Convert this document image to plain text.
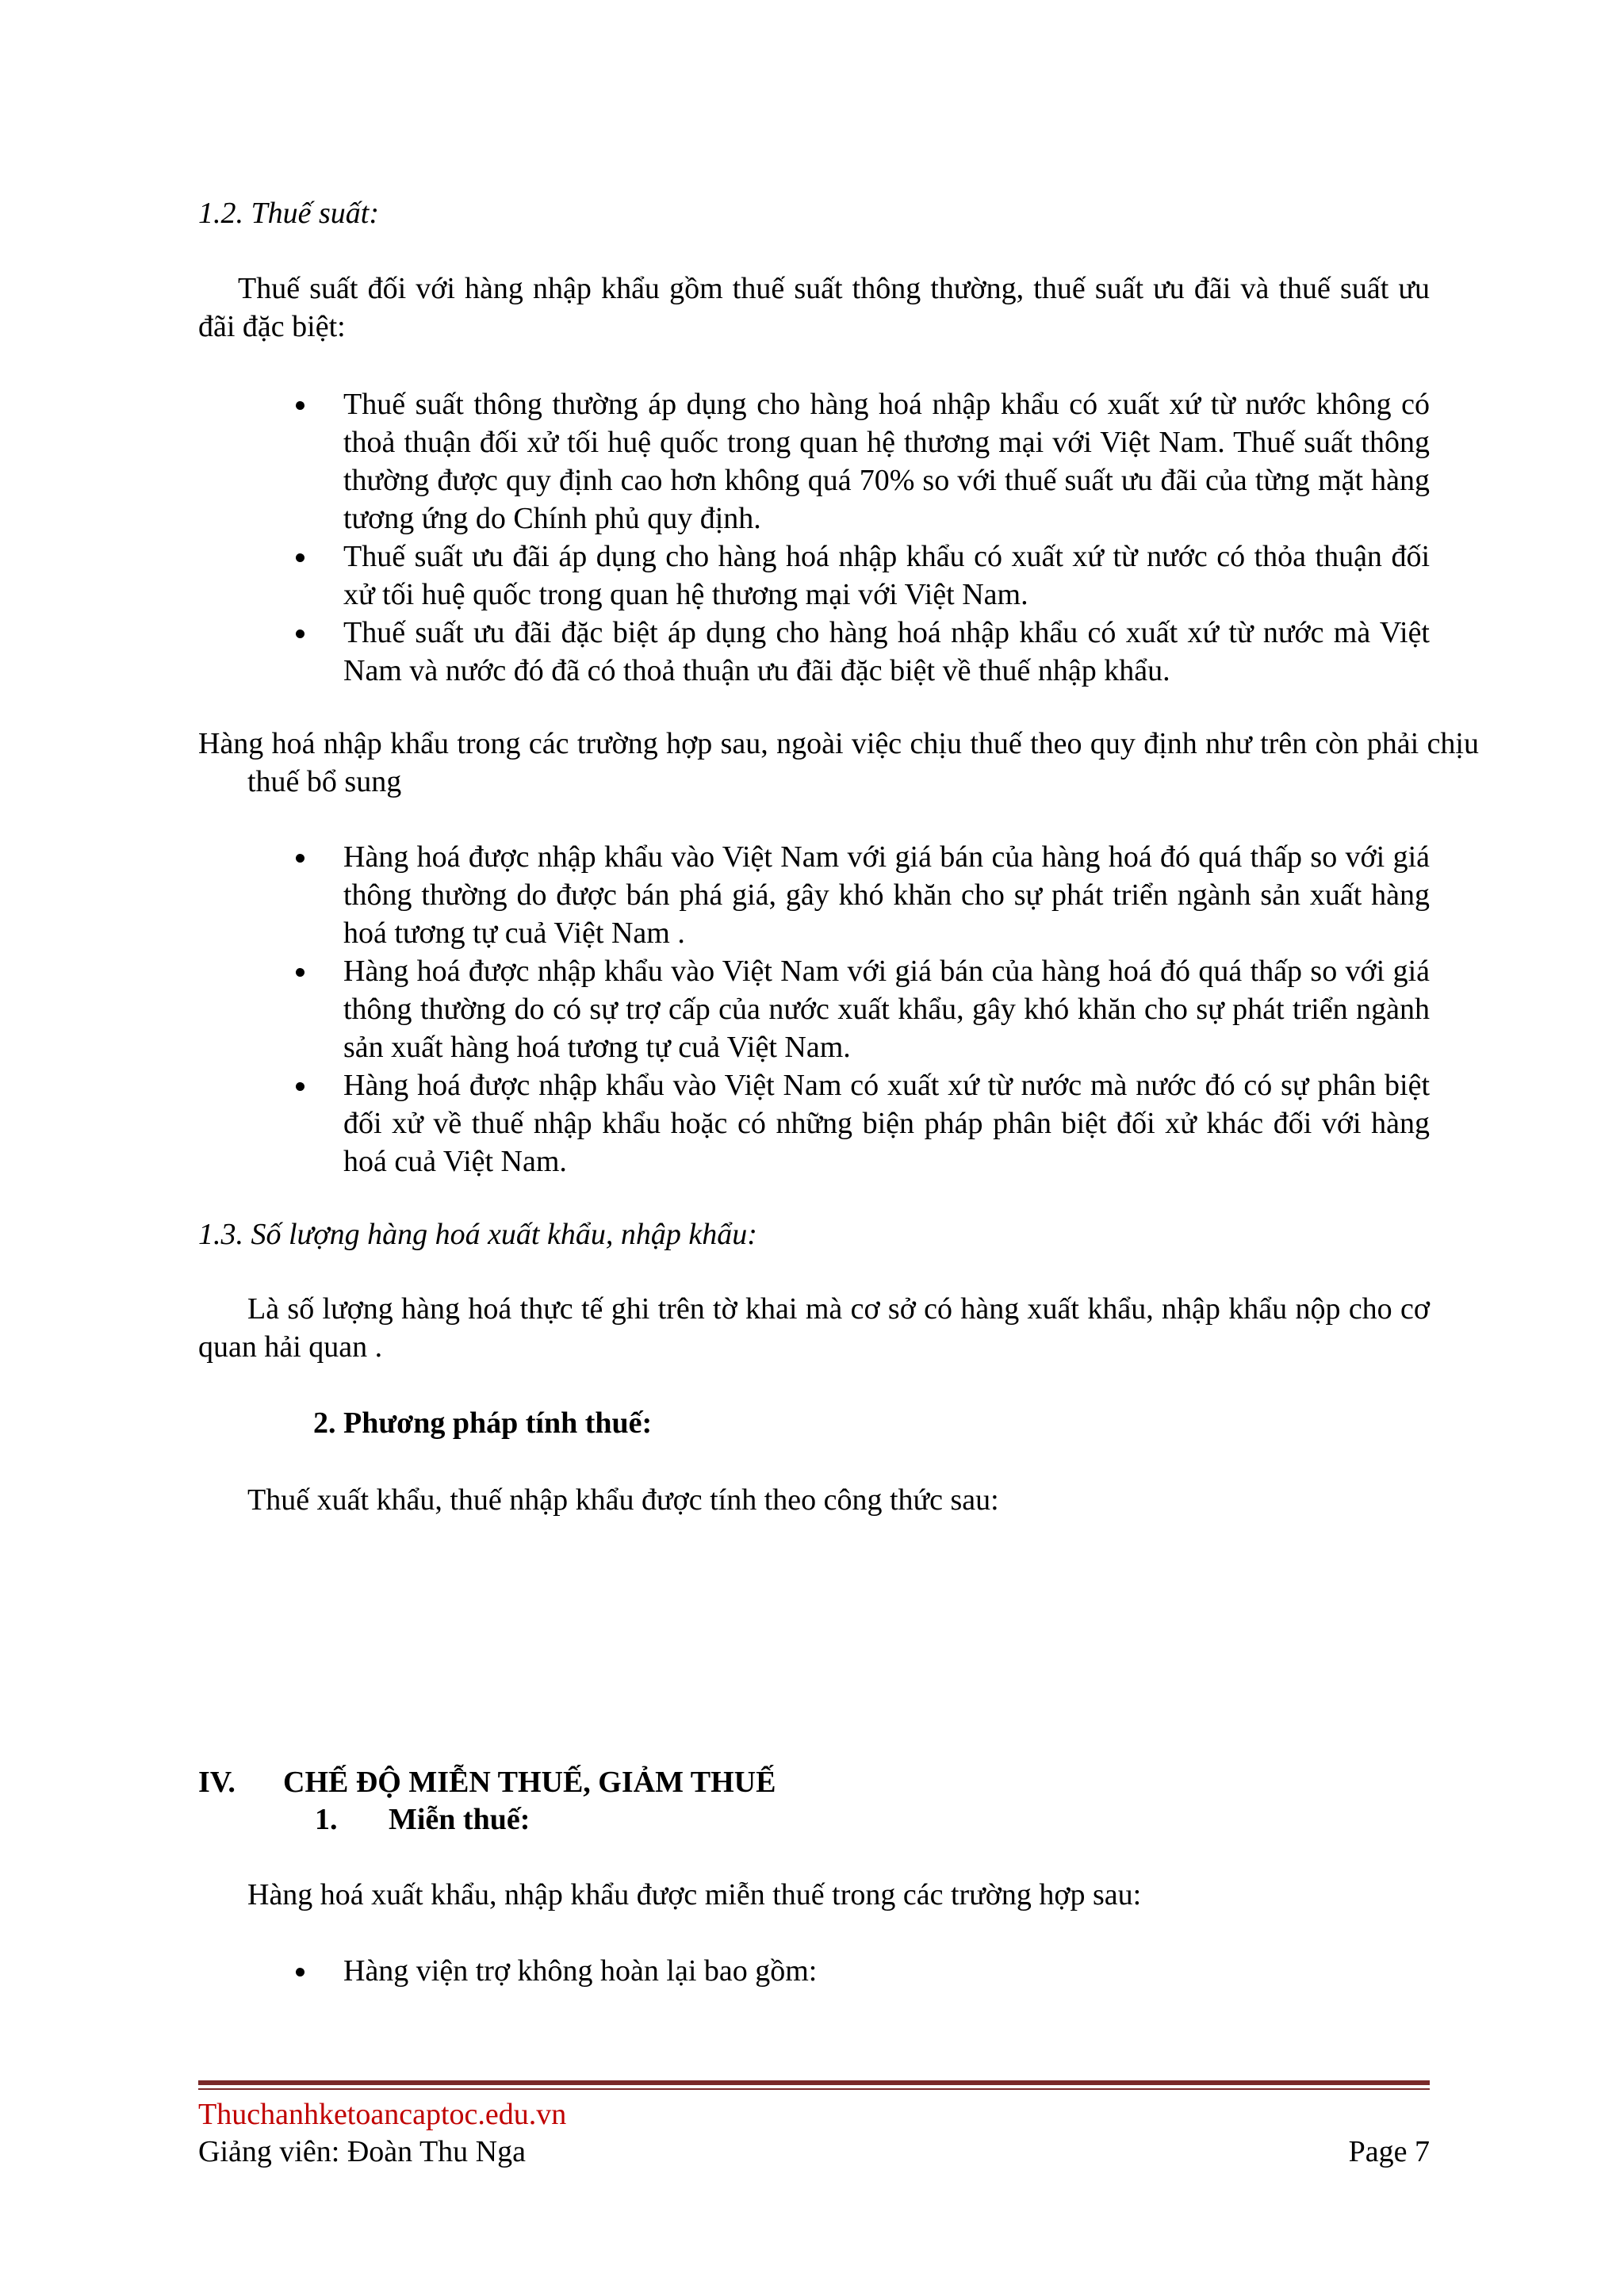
1.2. Thuế suất:

Thuế suất đối với hàng nhập khẩu gồm thuế suất thông thường, thuế suất ưu đãi và thuế suất ưu đãi đặc biệt:

Thuế suất thông thường áp dụng cho hàng hoá nhập khẩu có xuất xứ từ nước không có thoả thuận đối xử tối huệ quốc trong quan hệ thương mại với Việt Nam. Thuế suất thông thường được quy định cao hơn không quá 70% so với thuế suất ưu đãi của từng mặt hàng tương ứng do Chính phủ quy định.
Thuế suất ưu đãi áp dụng cho hàng hoá nhập khẩu có xuất xứ từ nước có thỏa thuận đối xử tối huệ quốc trong quan hệ thương mại với Việt Nam.
Thuế suất ưu đãi đặc biệt áp dụng cho hàng hoá nhập khẩu có xuất xứ từ nước mà Việt Nam và nước đó đã có thoả thuận ưu đãi đặc biệt về thuế nhập khẩu.

Hàng hoá nhập khẩu trong các trường hợp sau, ngoài việc chịu thuế theo quy định như trên còn phải chịu thuế bổ sung

Hàng hoá được nhập khẩu vào Việt Nam với giá bán của hàng hoá đó quá thấp so với giá thông thường do được bán phá giá, gây khó khăn cho sự phát triển ngành sản xuất hàng hoá tương tự cuả Việt Nam .
Hàng hoá được nhập khẩu vào Việt Nam với giá bán của hàng hoá đó quá thấp so với giá thông thường do có sự trợ cấp của nước xuất khẩu, gây khó khăn cho sự phát triển ngành sản xuất hàng hoá tương tự cuả Việt Nam.
Hàng hoá được nhập khẩu vào Việt Nam có xuất xứ từ nước mà nước đó có sự phân biệt đối xử về thuế nhập khẩu hoặc có những biện pháp phân biệt đối xử khác đối với hàng hoá cuả Việt Nam.

1.3. Số lượng hàng hoá xuất khẩu, nhập khẩu:

Là số lượng hàng hoá thực tế ghi trên tờ khai mà cơ sở có hàng xuất khẩu, nhập khẩu nộp cho cơ quan hải quan .

2. Phương pháp tính thuế:

Thuế xuất khẩu, thuế nhập khẩu được tính theo công thức sau:

IV. CHẾ ĐỘ MIỄN THUẾ, GIẢM THUẾ
1. Miễn thuế:

Hàng hoá xuất khẩu, nhập khẩu được miễn thuế trong các trường hợp sau:

Hàng viện trợ không hoàn lại bao gồm:
Thuchanhketoancaptoc.edu.vn
Giảng viên: Đoàn Thu Nga	Page 7
